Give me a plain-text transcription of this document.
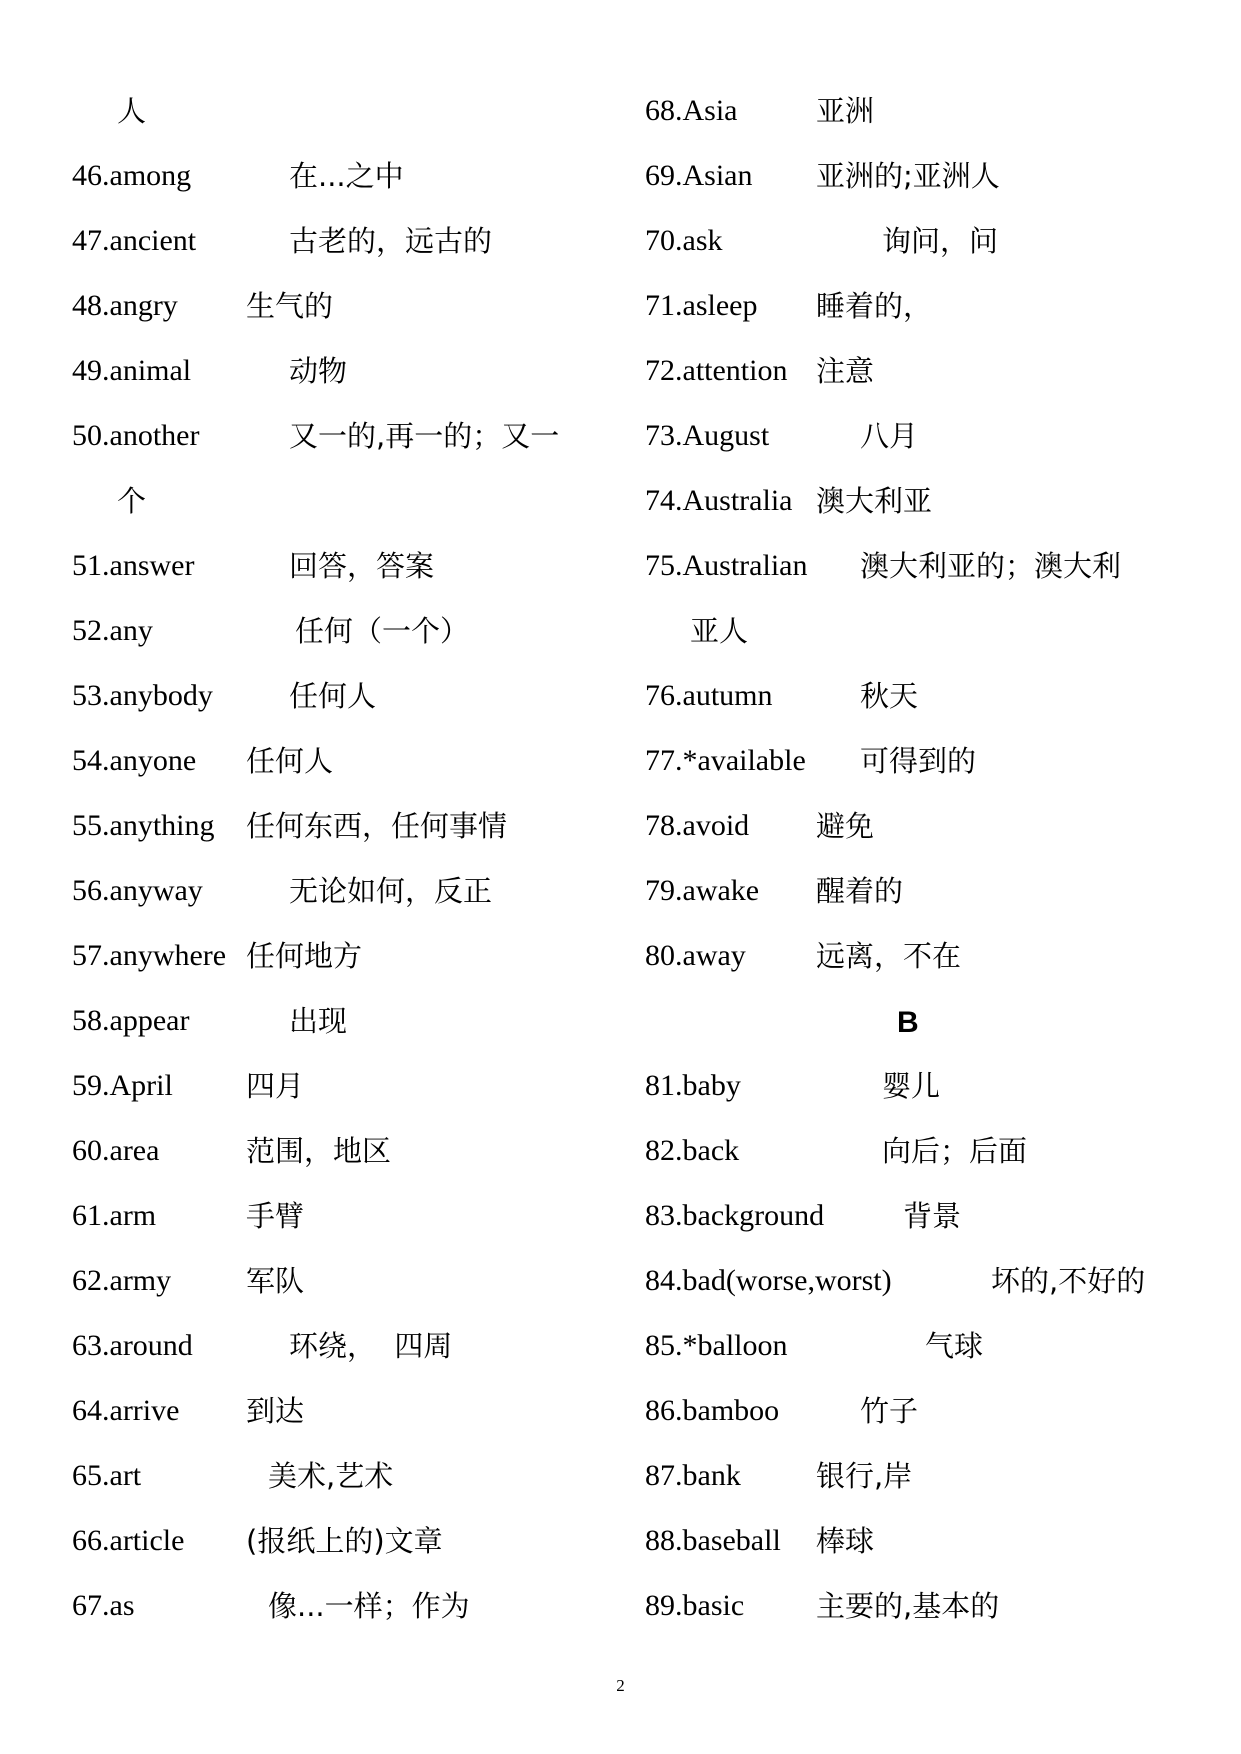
人
46.among	在...之中
47.ancient	古老的，远古的
48.angry 生气的
49.animal	动物
50.another	又一的,再一的；又一
个
51.answer	回答，答案
52.any	任何（一个）
53.anybody	任何人
54.anyone 任何人
55.anything 任何东西，任何事情
56.anyway	无论如何，反正
57.anywhere 任何地方
58.appear	出现
59.April	四月
60.area	范围，地区
61.arm	手臂
62.army	军队
63.around	环绕，  四周
64.arrive 到达
65.art	美术,艺术
66.article (报纸上的)文章
67.as	像...一样；作为
68.Asia	亚洲
69.Asian 亚洲的;亚洲人
70.ask	询问，问
71.asleep 睡着的，
72.attention 注意
73.August	八月
74.Australia 澳大利亚
75.Australian 澳大利亚的；澳大利
亚人
76.autumn	秋天
77.*available 可得到的
78.avoid 避免
79.awake 醒着的
80.away 远离，不在
B
81.baby	婴儿
82.back	向后；后面
83.background	背景
84.bad(worse,worst)	坏的,不好的
85.*balloon	气球
86.bamboo	竹子
87.bank	银行,岸
88.baseball 棒球
89.basic 主要的,基本的
2
